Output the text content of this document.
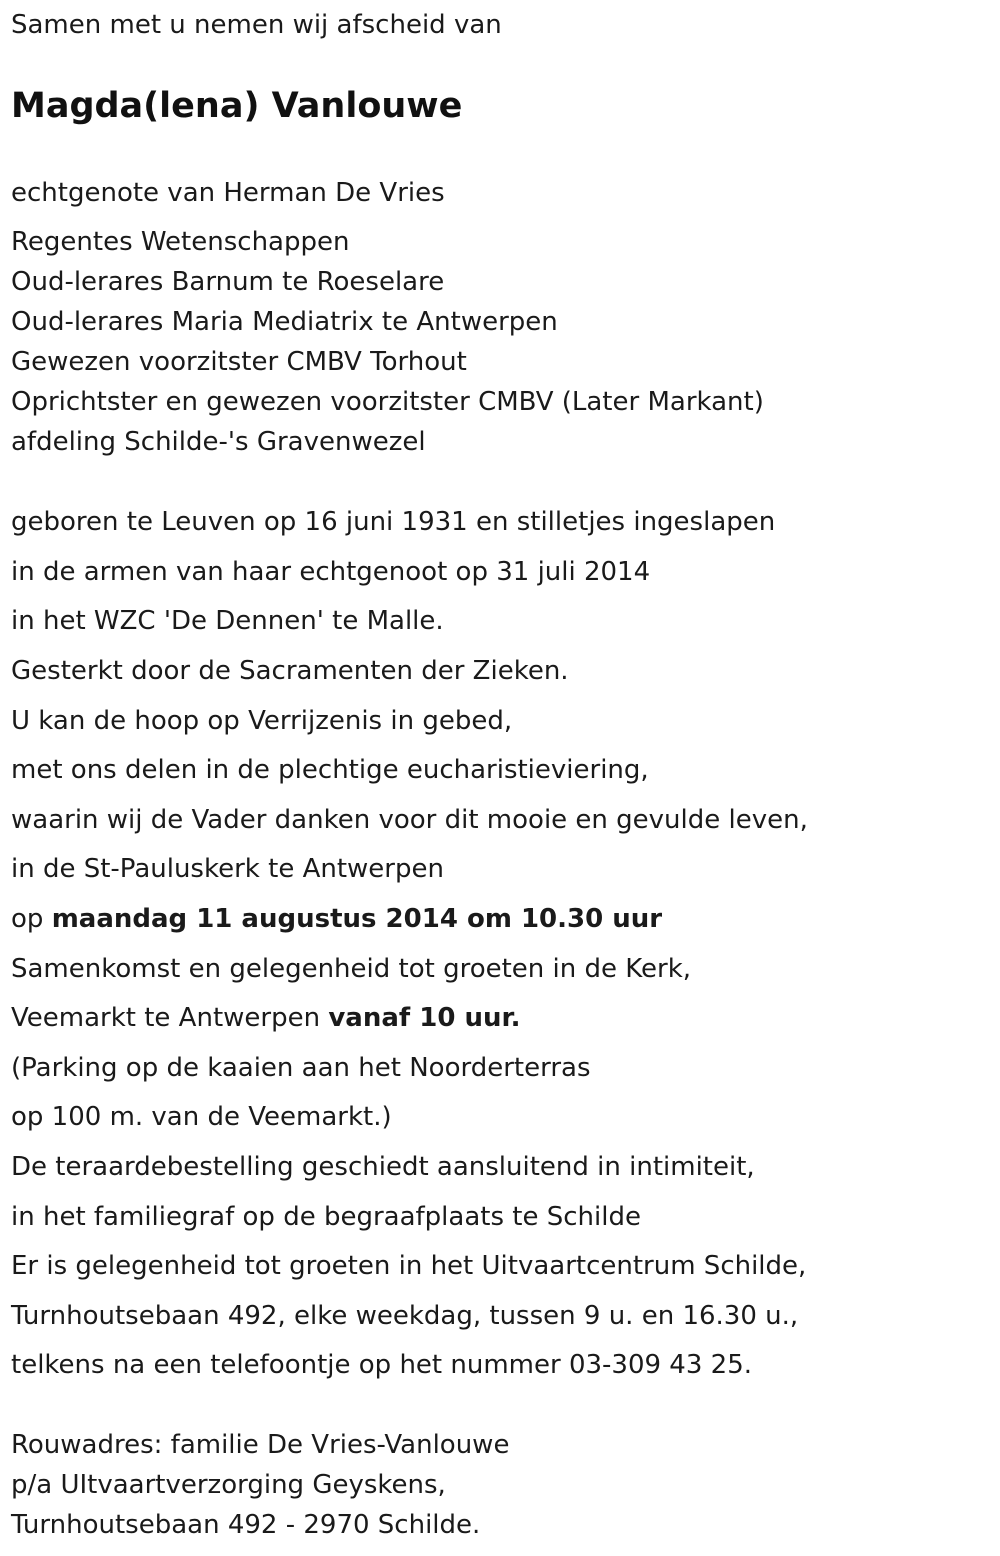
Samen met u nemen wij afscheid van
Magda(lena) Vanlouwe
echtgenote van Herman De Vries
Regentes Wetenschappen
Oud-lerares Barnum te Roeselare
Oud-lerares Maria Mediatrix te Antwerpen
Gewezen voorzitster CMBV Torhout
Oprichtster en gewezen voorzitster CMBV (Later Markant)
afdeling Schilde-'s Gravenwezel
geboren te Leuven op 16 juni 1931 en stilletjes ingeslapen
in de armen van haar echtgenoot op 31 juli 2014
in het WZC 'De Dennen' te Malle.
Gesterkt door de Sacramenten der Zieken.
U kan de hoop op Verrijzenis in gebed,
met ons delen in de plechtige eucharistieviering,
waarin wij de Vader danken voor dit mooie en gevulde leven,
in de St-Pauluskerk te Antwerpen
op maandag 11 augustus 2014 om 10.30 uur
Samenkomst en gelegenheid tot groeten in de Kerk,
Veemarkt te Antwerpen vanaf 10 uur.
(Parking op de kaaien aan het Noorderterras
op 100 m. van de Veemarkt.)
De teraardebestelling geschiedt aansluitend in intimiteit,
in het familiegraf op de begraafplaats te Schilde
Er is gelegenheid tot groeten in het Uitvaartcentrum Schilde,
Turnhoutsebaan 492, elke weekdag, tussen 9 u. en 16.30 u.,
telkens na een telefoontje op het nummer 03-309 43 25.
Rouwadres: familie De Vries-Vanlouwe
p/a UItvaartverzorging Geyskens,
Turnhoutsebaan 492 - 2970 Schilde.
